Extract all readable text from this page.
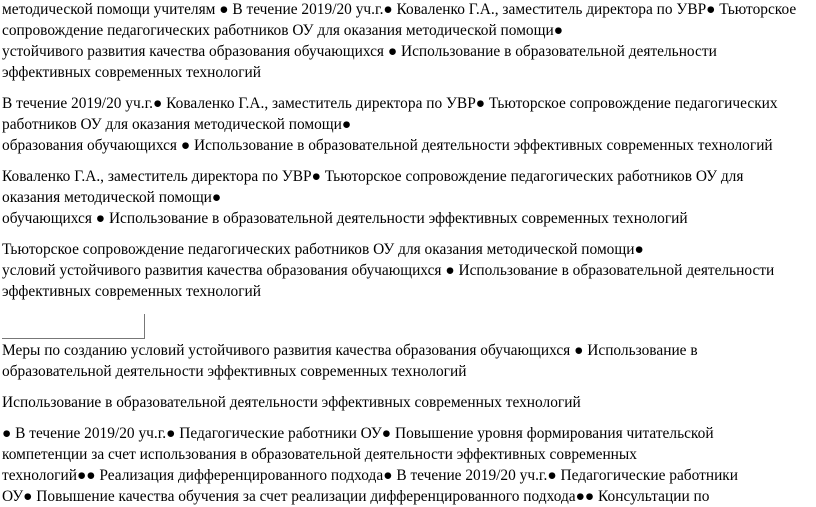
методической помощи учителям ● В течение 2019/20 уч.г.● Коваленко Г.А., заместитель директора по УВР● Тьюторское
сопровождение педагогических работников ОУ для оказания методической помощи●
устойчивого развития качества образования обучающихся ● Использование в образовательной деятельности
эффективных современных технологий
В течение 2019/20 уч.г.● Коваленко Г.А., заместитель директора по УВР● Тьюторское сопровождение педагогических
работников ОУ для оказания методической помощи●
образования обучающихся ● Использование в образовательной деятельности эффективных современных технологий
Коваленко Г.А., заместитель директора по УВР● Тьюторское сопровождение педагогических работников ОУ для
оказания методической помощи●
обучающихся ● Использование в образовательной деятельности эффективных современных технологий
Тьюторское сопровождение педагогических работников ОУ для оказания методической помощи●
условий устойчивого развития качества образования обучающихся ● Использование в образовательной деятельности
эффективных современных технологий
Меры по созданию условий устойчивого развития качества образования обучающихся ● Использование в
образовательной деятельности эффективных современных технологий
Использование в образовательной деятельности эффективных современных технологий
● В течение 2019/20 уч.г.● Педагогические работники ОУ● Повышение уровня формирования читательской
компетенции за счет использования в образовательной деятельности эффективных современных
технологий●● Реализация дифференцированного подхода● В течение 2019/20 уч.г.● Педагогические работники
ОУ● Повышение качества обучения за счет реализации дифференцированного подхода●● Консультации по
